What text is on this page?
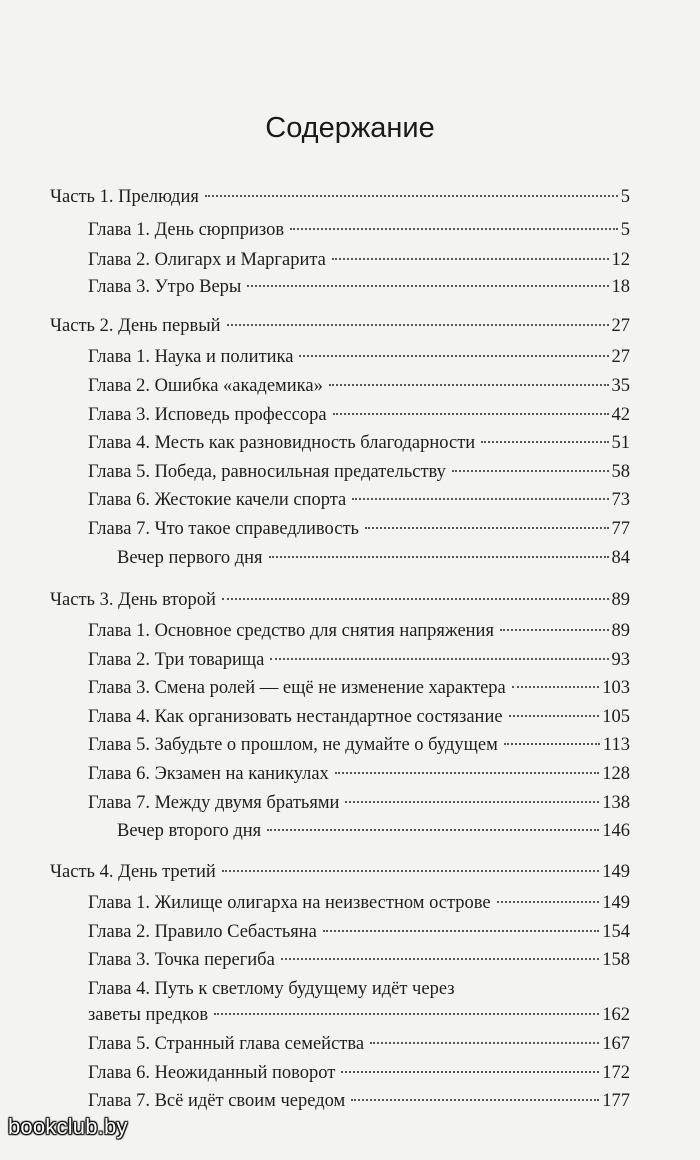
Содержание
Часть 1. Прелюдия	5
Глава 1. День сюрпризов	5
Глава 2. Олигарх и Маргарита	12
Глава 3. Утро Веры	18
Часть 2. День первый	27
Глава 1. Наука и политика	27
Глава 2. Ошибка «академика»	35
Глава 3. Исповедь профессора	42
Глава 4. Месть как разновидность благодарности	51
Глава 5. Победа, равносильная предательству	58
Глава 6. Жестокие качели спорта	73
Глава 7. Что такое справедливость	77
Вечер первого дня	84
Часть 3. День второй	89
Глава 1. Основное средство для снятия напряжения	89
Глава 2. Три товарища	93
Глава 3. Смена ролей — ещё не изменение характера	103
Глава 4. Как организовать нестандартное состязание	105
Глава 5. Забудьте о прошлом, не думайте о будущем	113
Глава 6. Экзамен на каникулах	128
Глава 7. Между двумя братьями	138
Вечер второго дня	146
Часть 4. День третий	149
Глава 1. Жилище олигарха на неизвестном острове	149
Глава 2. Правило Себастьяна	154
Глава 3. Точка перегиба	158
Глава 4. Путь к светлому будущему идёт через
заветы предков	162
Глава 5. Странный глава семейства	167
Глава 6. Неожиданный поворот	172
Глава 7. Всё идёт своим чередом	177
bookclub.by
